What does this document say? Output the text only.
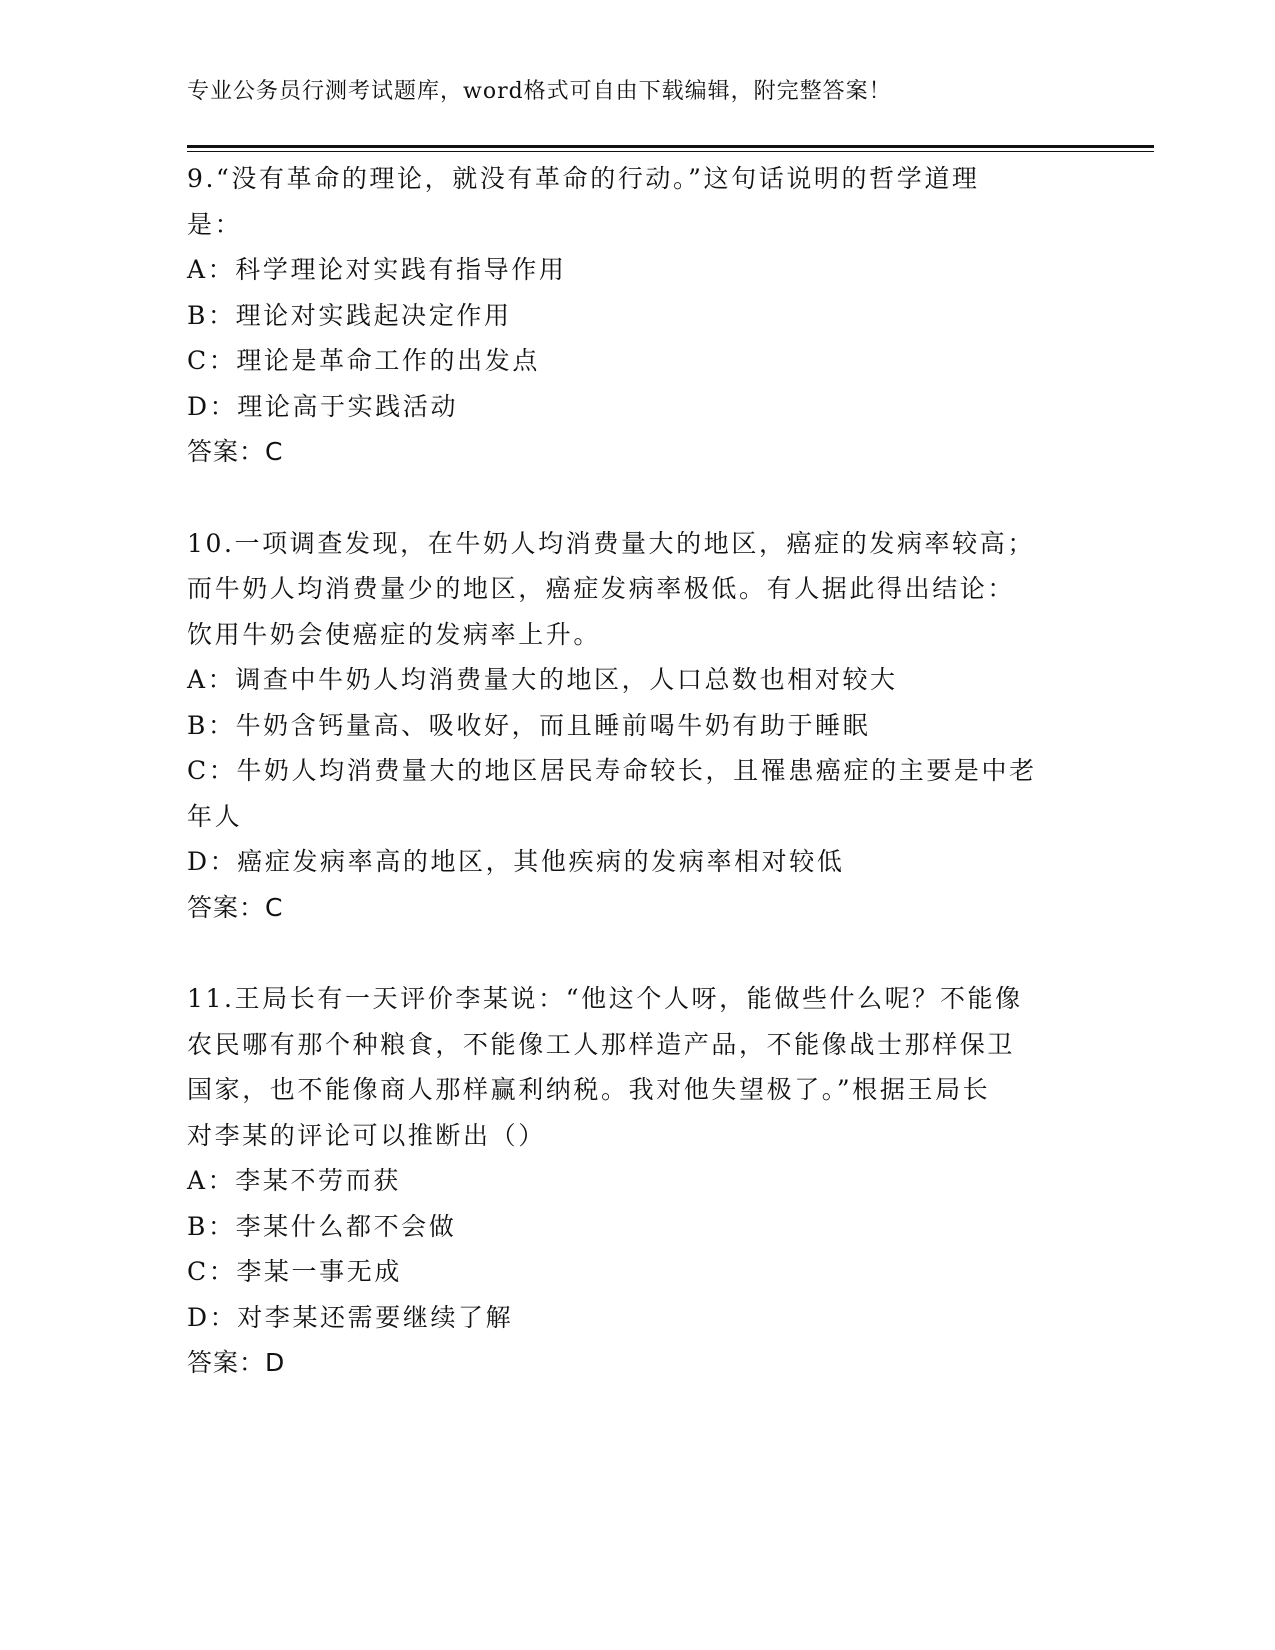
专业公务员行测考试题库，word格式可自由下载编辑，附完整答案！
9.“没有革命的理论，就没有革命的行动。”这句话说明的哲学道理
是：
A：科学理论对实践有指导作用
B：理论对实践起决定作用
C：理论是革命工作的出发点
D：理论高于实践活动
答案：C
10.一项调查发现，在牛奶人均消费量大的地区，癌症的发病率较高；
而牛奶人均消费量少的地区，癌症发病率极低。有人据此得出结论：
饮用牛奶会使癌症的发病率上升。
A：调查中牛奶人均消费量大的地区，人口总数也相对较大
B：牛奶含钙量高、吸收好，而且睡前喝牛奶有助于睡眠
C：牛奶人均消费量大的地区居民寿命较长，且罹患癌症的主要是中老
年人
D：癌症发病率高的地区，其他疾病的发病率相对较低
答案：C
11.王局长有一天评价李某说：“他这个人呀，能做些什么呢？不能像
农民哪有那个种粮食，不能像工人那样造产品，不能像战士那样保卫
国家，也不能像商人那样赢利纳税。我对他失望极了。”根据王局长
对李某的评论可以推断出（）
A：李某不劳而获
B：李某什么都不会做
C：李某一事无成
D：对李某还需要继续了解
答案：D
